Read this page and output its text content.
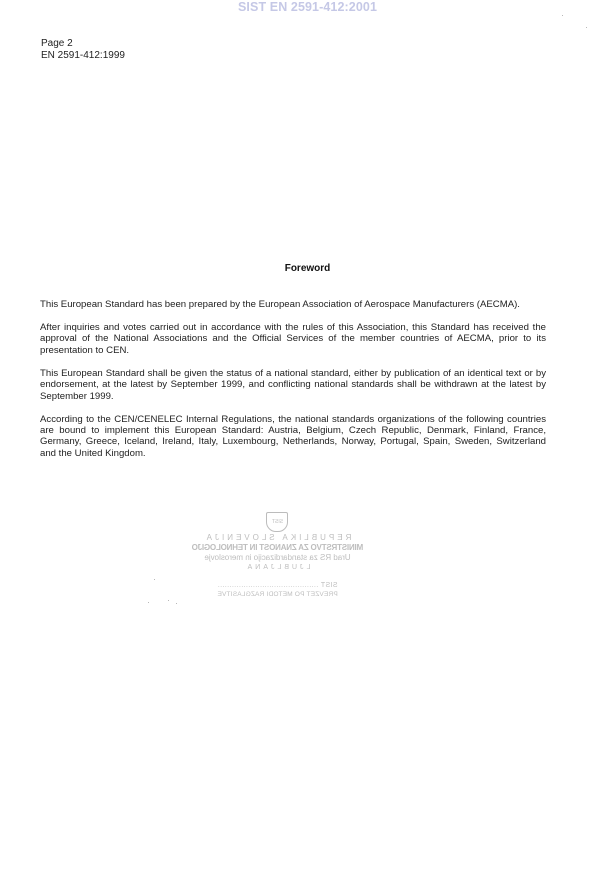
SIST EN 2591-412:2001
Page 2
EN 2591-412:1999
Foreword

This European Standard has been prepared by the European Association of Aerospace Manufacturers (AECMA).

After inquiries and votes carried out in accordance with the rules of this Association, this Standard has received the approval of the National Associations and the Official Services of the member countries of AECMA, prior to its presentation to CEN.

This European Standard shall be given the status of a national standard, either by publication of an identical text or by endorsement, at the latest by September 1999, and conflicting national standards shall be withdrawn at the latest by September 1999.

According to the CEN/CENELEC Internal Regulations, the national standards organizations of the following countries are bound to implement this European Standard: Austria, Belgium, Czech Republic, Denmark, Finland, France, Germany, Greece, Iceland, Ireland, Italy, Luxembourg, Netherlands, Norway, Portugal, Spain, Sweden, Switzerland and the United Kingdom.

SIST
REPUBLIKA SLOVENIJA
MINISTRSTVO ZA ZNANOST IN TEHNOLOGIJO
Urad RS za standardizacijo in meroslovje
LJUBLJANA
SIST ...........................................
PREVZET PO METODI RAZGLASITVE
